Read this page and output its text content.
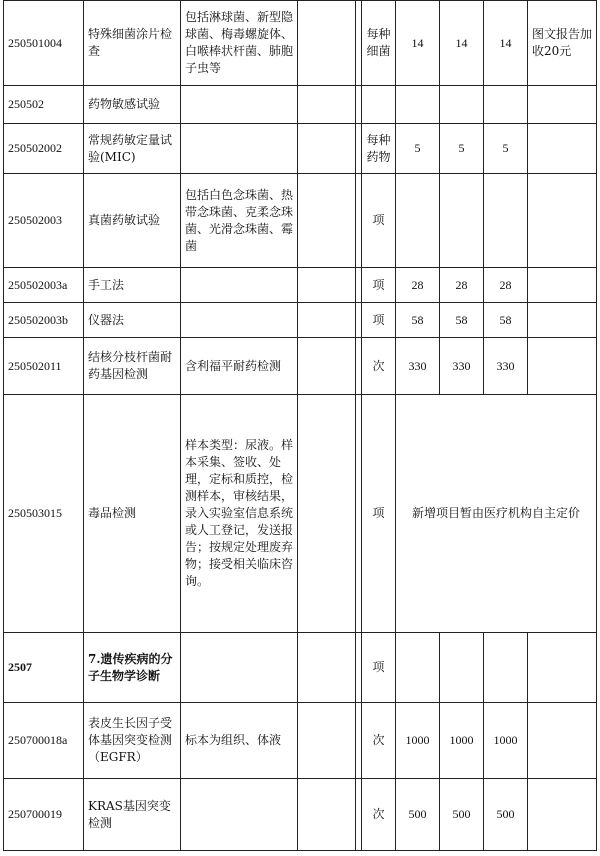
250501004	特殊细菌涂片检查	包括淋球菌、新型隐球菌、梅毒螺旋体、白喉棒状杆菌、肺胞子虫等			每种细菌	14	14	14	图文报告加收20元
250502	药物敏感试验								
250502002	常规药敏定量试验(MIC)				每种药物	5	5	5	
250502003	真菌药敏试验	包括白色念珠菌、热带念珠菌、克柔念珠菌、光滑念珠菌、霉菌			项				
250502003a	手工法				项	28	28	28	
250502003b	仪器法				项	58	58	58	
250502011	结核分枝杆菌耐药基因检测	含利福平耐药检测			次	330	330	330	
250503015	毒品检测	样本类型：尿液。样本采集、签收、处理，定标和质控，检测样本，审核结果，录入实验室信息系统或人工登记，发送报告；按规定处理废弃物；接受相关临床咨询。			项	新增项目暂由医疗机构自主定价			
2507	7.遗传疾病的分子生物学诊断				项				
250700018a	表皮生长因子受体基因突变检测（EGFR）	标本为组织、体液			次	1000	1000	1000	
250700019	KRAS基因突变检测				次	500	500	500	
